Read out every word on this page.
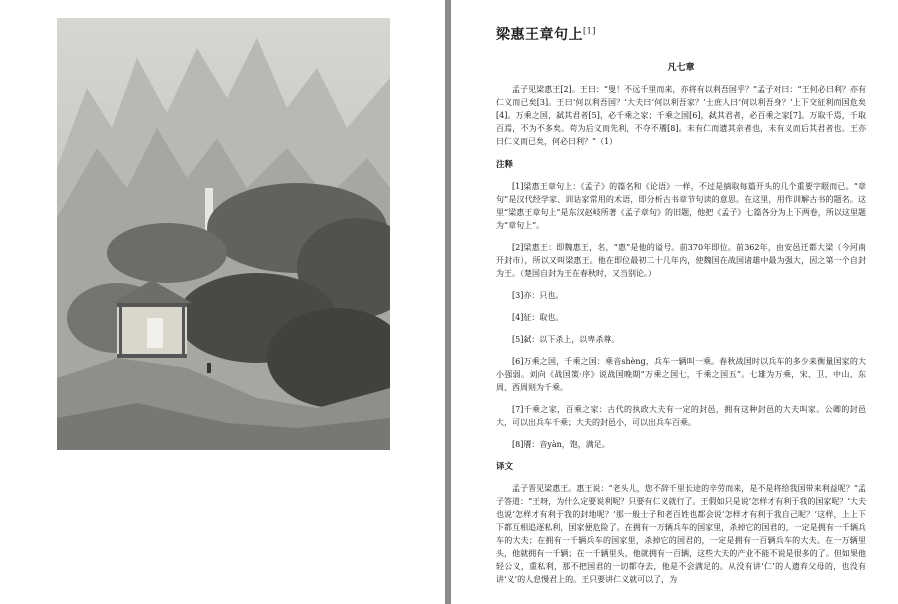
梁惠王章句上[1]
凡七章

孟子见梁惠王[2]。王曰：“叟！不远千里而来，亦将有以利吾国乎？”孟子对曰：“王何必曰利？亦有仁义而已矣[3]。王曰‘何以利吾国？’大夫曰‘何以利吾家？’士庶人曰‘何以利吾身？’上下交征利而国危矣[4]。万乘之国，弑其君者[5]，必千乘之家；千乘之国[6]，弑其君者，必百乘之家[7]。万取千焉，千取百焉，不为不多矣。苟为后义而先利，不夺不餍[8]。未有仁而遗其亲者也，未有义而后其君者也。王亦曰仁义而已矣，何必曰利？”（1）

注释

[1]梁惠王章句上：《孟子》的篇名和《论语》一样，不过是摘取每篇开头的几个重要字眼而已。“章句”是汉代经学家、训诂家常用的术语，即分析古书章节句读的意思。在这里，用作训解古书的题名。这里“梁惠王章句上”是东汉赵岐所著《孟子章句》的旧题，他把《孟子》七篇各分为上下两卷，所以这里题为“章句上”。

[2]梁惠王：即魏惠王，名，“惠”是他的谥号。前370年即位。前362年，由安邑迁都大梁（今河南开封市），所以又叫梁惠王。他在即位最初二十几年内，使魏国在战国诸雄中最为强大，因之第一个自封为王。（楚国自封为王在春秋时，又当别论。）

[3]亦：只也。

[4]征：取也。

[5]弑：以下杀上，以卑杀尊。

[6]万乘之国，千乘之国：乘音shèng，兵车一辆叫一乘。春秋战国时以兵车的多少来衡量国家的大小强弱。刘向《战国策·序》说战国晚期“万乘之国七，千乘之国五”。七雄为万乘，宋、卫、中山、东周、西周则为千乘。

[7]千乘之家，百乘之家：古代的执政大夫有一定的封邑，拥有这种封邑的大夫叫家。公卿的封邑大，可以出兵车千乘；大夫的封邑小，可以出兵车百乘。

[8]餍：音yàn，饱，满足。

译文

孟子晋见梁惠王。惠王说：“老头儿，您不辞千里长途的辛劳而来，是不是将给我国带来利益呢？”孟子答道：“王呀，为什么定要说利呢？只要有仁义就行了。王假如只是说‘怎样才有利于我的国家呢？’大夫也说‘怎样才有利于我的封地呢？’那一般士子和老百姓也都会说‘怎样才有利于我自己呢？’这样，上上下下都互相追逐私利，国家便危险了。在拥有一万辆兵车的国家里，杀掉它的国君的，一定是拥有一千辆兵车的大夫；在拥有一千辆兵车的国家里，杀掉它的国君的，一定是拥有一百辆兵车的大夫。在一万辆里头，他就拥有一千辆；在一千辆里头，他就拥有一百辆，这些大夫的产业不能不说是很多的了。但如果他轻公义，重私利，那不把国君的一切都夺去，他是不会满足的。从没有讲‘仁’的人遗弃父母的，也没有讲‘义’的人怠慢君上的。王只要讲仁义就可以了，为
